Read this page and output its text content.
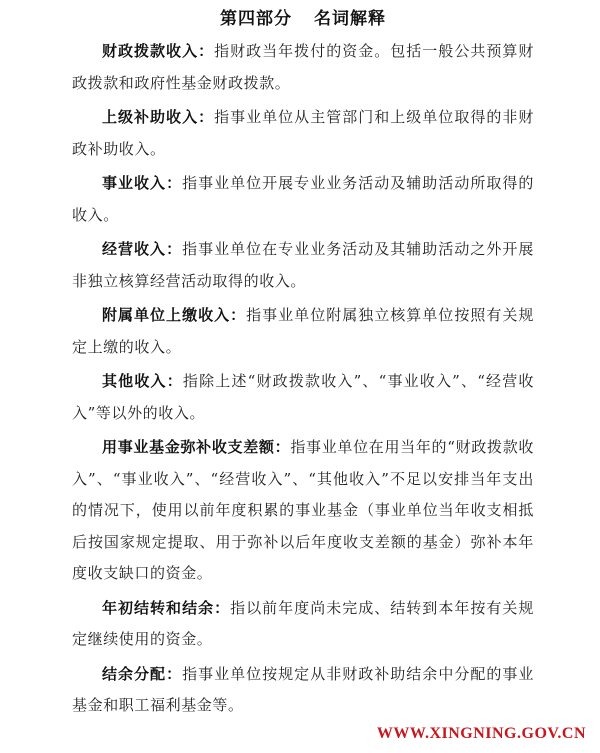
第四部分 名词解释

财政拨款收入：指财政当年拨付的资金。包括一般公共预算财政拨款和政府性基金财政拨款。

上级补助收入：指事业单位从主管部门和上级单位取得的非财政补助收入。

事业收入：指事业单位开展专业业务活动及辅助活动所取得的收入。

经营收入：指事业单位在专业业务活动及其辅助活动之外开展非独立核算经营活动取得的收入。

附属单位上缴收入：指事业单位附属独立核算单位按照有关规定上缴的收入。

其他收入：指除上述“财政拨款收入”、“事业收入”、“经营收入”等以外的收入。

用事业基金弥补收支差额：指事业单位在用当年的“财政拨款收入”、“事业收入”、“经营收入”、“其他收入”不足以安排当年支出的情况下，使用以前年度积累的事业基金（事业单位当年收支相抵后按国家规定提取、用于弥补以后年度收支差额的基金）弥补本年度收支缺口的资金。

年初结转和结余：指以前年度尚未完成、结转到本年按有关规定继续使用的资金。

结余分配：指事业单位按规定从非财政补助结余中分配的事业基金和职工福利基金等。

WWW.XINGNING.GOV.CN
